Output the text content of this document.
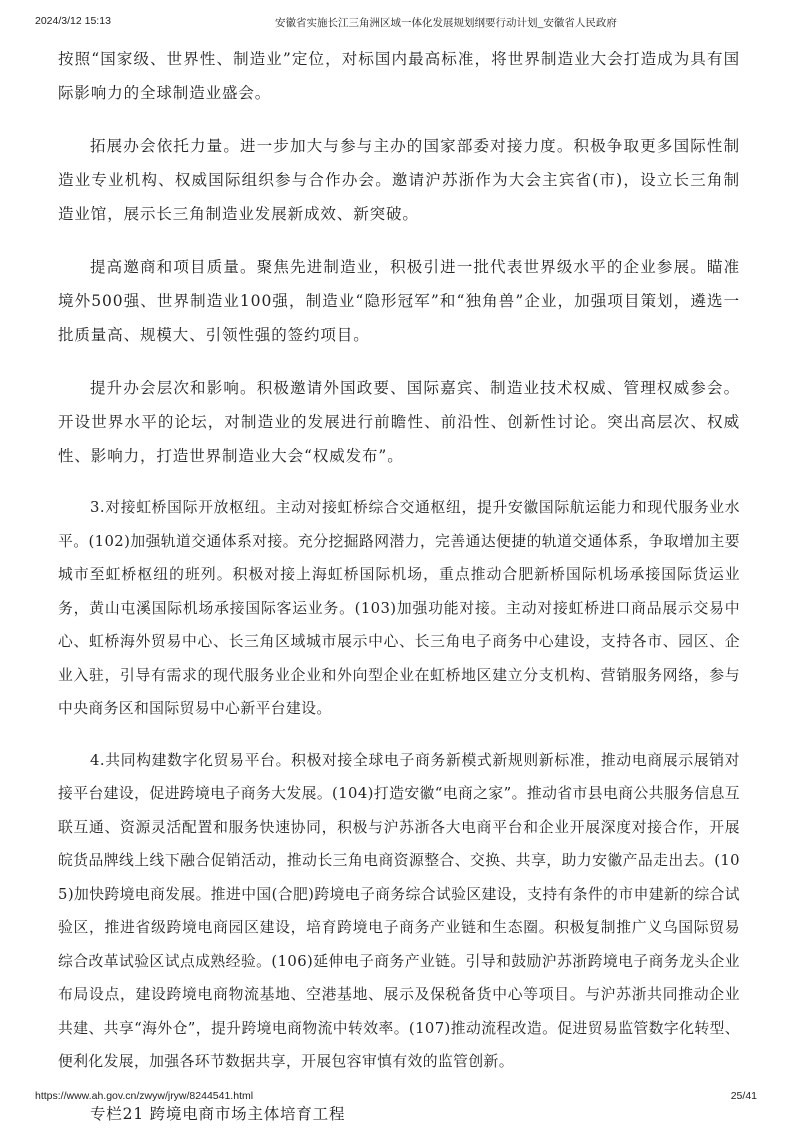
2024/3/12 15:13	安徽省实施长江三角洲区域一体化发展规划纲要行动计划_安徽省人民政府

按照“国家级、世界性、制造业”定位，对标国内最高标准，将世界制造业大会打造成为具有国际影响力的全球制造业盛会。

拓展办会依托力量。进一步加大与参与主办的国家部委对接力度。积极争取更多国际性制造业专业机构、权威国际组织参与合作办会。邀请沪苏浙作为大会主宾省(市)，设立长三角制造业馆，展示长三角制造业发展新成效、新突破。

提高邀商和项目质量。聚焦先进制造业，积极引进一批代表世界级水平的企业参展。瞄准境外500强、世界制造业100强，制造业“隐形冠军”和“独角兽”企业，加强项目策划，遴选一批质量高、规模大、引领性强的签约项目。

提升办会层次和影响。积极邀请外国政要、国际嘉宾、制造业技术权威、管理权威参会。开设世界水平的论坛，对制造业的发展进行前瞻性、前沿性、创新性讨论。突出高层次、权威性、影响力，打造世界制造业大会“权威发布”。

3.对接虹桥国际开放枢纽。主动对接虹桥综合交通枢纽，提升安徽国际航运能力和现代服务业水平。(102)加强轨道交通体系对接。充分挖掘路网潜力，完善通达便捷的轨道交通体系，争取增加主要城市至虹桥枢纽的班列。积极对接上海虹桥国际机场，重点推动合肥新桥国际机场承接国际货运业务，黄山屯溪国际机场承接国际客运业务。(103)加强功能对接。主动对接虹桥进口商品展示交易中心、虹桥海外贸易中心、长三角区域城市展示中心、长三角电子商务中心建设，支持各市、园区、企业入驻，引导有需求的现代服务业企业和外向型企业在虹桥地区建立分支机构、营销服务网络，参与中央商务区和国际贸易中心新平台建设。

4.共同构建数字化贸易平台。积极对接全球电子商务新模式新规则新标准，推动电商展示展销对接平台建设，促进跨境电子商务大发展。(104)打造安徽“电商之家”。推动省市县电商公共服务信息互联互通、资源灵活配置和服务快速协同，积极与沪苏浙各大电商平台和企业开展深度对接合作，开展皖货品牌线上线下融合促销活动，推动长三角电商资源整合、交换、共享，助力安徽产品走出去。(105)加快跨境电商发展。推进中国(合肥)跨境电子商务综合试验区建设，支持有条件的市申建新的综合试验区，推进省级跨境电商园区建设，培育跨境电子商务产业链和生态圈。积极复制推广义乌国际贸易综合改革试验区试点成熟经验。(106)延伸电子商务产业链。引导和鼓励沪苏浙跨境电子商务龙头企业布局设点，建设跨境电商物流基地、空港基地、展示及保税备货中心等项目。与沪苏浙共同推动企业共建、共享“海外仓”，提升跨境电商物流中转效率。(107)推动流程改造。促进贸易监管数字化转型、便利化发展，加强各环节数据共享，开展包容审慎有效的监管创新。

专栏21 跨境电商市场主体培育工程

https://www.ah.gov.cn/zwyw/jryw/8244541.html	25/41
